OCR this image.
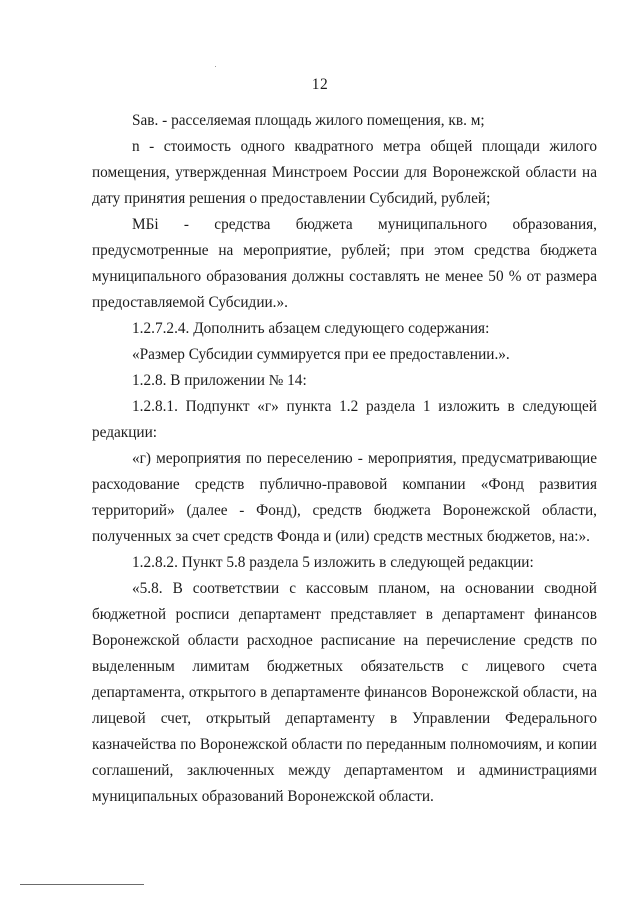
12

Sав. - расселяемая площадь жилого помещения, кв. м;

n - стоимость одного квадратного метра общей площади жилого помещения, утвержденная Минстроем России для Воронежской области на дату принятия решения о предоставлении Субсидий, рублей;

МБi - средства бюджета муниципального образования, предусмотренные на мероприятие, рублей; при этом средства бюджета муниципального образования должны составлять не менее 50 % от размера предоставляемой Субсидии.».

1.2.7.2.4. Дополнить абзацем следующего содержания:

«Размер Субсидии суммируется при ее предоставлении.».

1.2.8. В приложении № 14:

1.2.8.1. Подпункт «г» пункта 1.2 раздела 1 изложить в следующей редакции:

«г) мероприятия по переселению - мероприятия, предусматривающие расходование средств публично-правовой компании «Фонд развития территорий» (далее - Фонд), средств бюджета Воронежской области, полученных за счет средств Фонда и (или) средств местных бюджетов, на:».

1.2.8.2. Пункт 5.8 раздела 5 изложить в следующей редакции:

«5.8. В соответствии с кассовым планом, на основании сводной бюджетной росписи департамент представляет в департамент финансов Воронежской области расходное расписание на перечисление средств по выделенным лимитам бюджетных обязательств с лицевого счета департамента, открытого в департаменте финансов Воронежской области, на лицевой счет, открытый департаменту в Управлении Федерального казначейства по Воронежской области по переданным полномочиям, и копии соглашений, заключенных между департаментом и администрациями муниципальных образований Воронежской области.
